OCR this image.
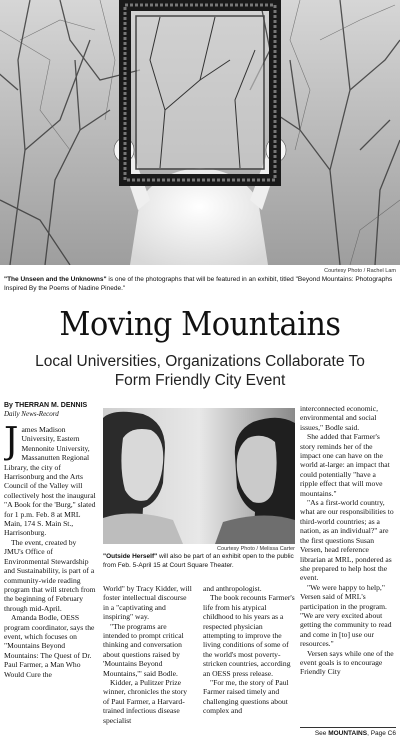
Courtesy Photo / Rachel Lam
"The Unseen and the Unknowns" is one of the photographs that will be featured in an exhibit, titled "Beyond Mountains: Photographs Inspired By the Poems of Nadine Pinede."
Moving Mountains
Local Universities, Organizations Collaborate To Form Friendly City Event
By THERRAN M. DENNIS
Daily News-Record

James Madison University, Eastern Mennonite University, Massanutten Regional Library, the city of Harrisonburg and the Arts Council of the Valley will collectively host the inaugural "A Book for the 'Burg," slated for 1 p.m. Feb. 8 at MRL Main, 174 S. Main St., Harrisonburg.

The event, created by JMU's Office of Environmental Stewardship and Sustainability, is part of a community-wide reading program that will stretch from the beginning of February through mid-April.

Amanda Bodle, OESS program coordinator, says the event, which focuses on "Mountains Beyond Mountains: The Quest of Dr. Paul Farmer, a Man Who Would Cure the

Courtesy Photo / Melissa Carter
"Outside Herself" will also be part of an exhibit open to the public from Feb. 5-April 15 at Court Square Theater.

World" by Tracy Kidder, will foster intellectual discourse in a "captivating and inspiring" way.

"The programs are intended to prompt critical thinking and conversation about questions raised by 'Mountains Beyond Mountains,'" said Bodle.

Kidder, a Pulitzer Prize winner, chronicles the story of Paul Farmer, a Harvard-trained infectious disease specialist

and anthropologist.

The book recounts Farmer's life from his atypical childhood to his years as a respected physician attempting to improve the living conditions of some of the world's most poverty-stricken countries, according an OESS press release.

"For me, the story of Paul Farmer raised timely and challenging questions about complex and

interconnected economic, environmental and social issues," Bodle said.

She added that Farmer's story reminds her of the impact one can have on the world at-large: an impact that could potentially "have a ripple effect that will move mountains."

"As a first-world country, what are our responsibilities to third-world countries; as a nation, as an individual?" are the first questions Susan Versen, head reference librarian at MRL, pondered as she prepared to help host the event.

"We were happy to help," Versen said of MRL's participation in the program. "We are very excited about getting the community to read and come in [to] use our resources."

Versen says while one of the event goals is to encourage Friendly City

See MOUNTAINS, Page C6
